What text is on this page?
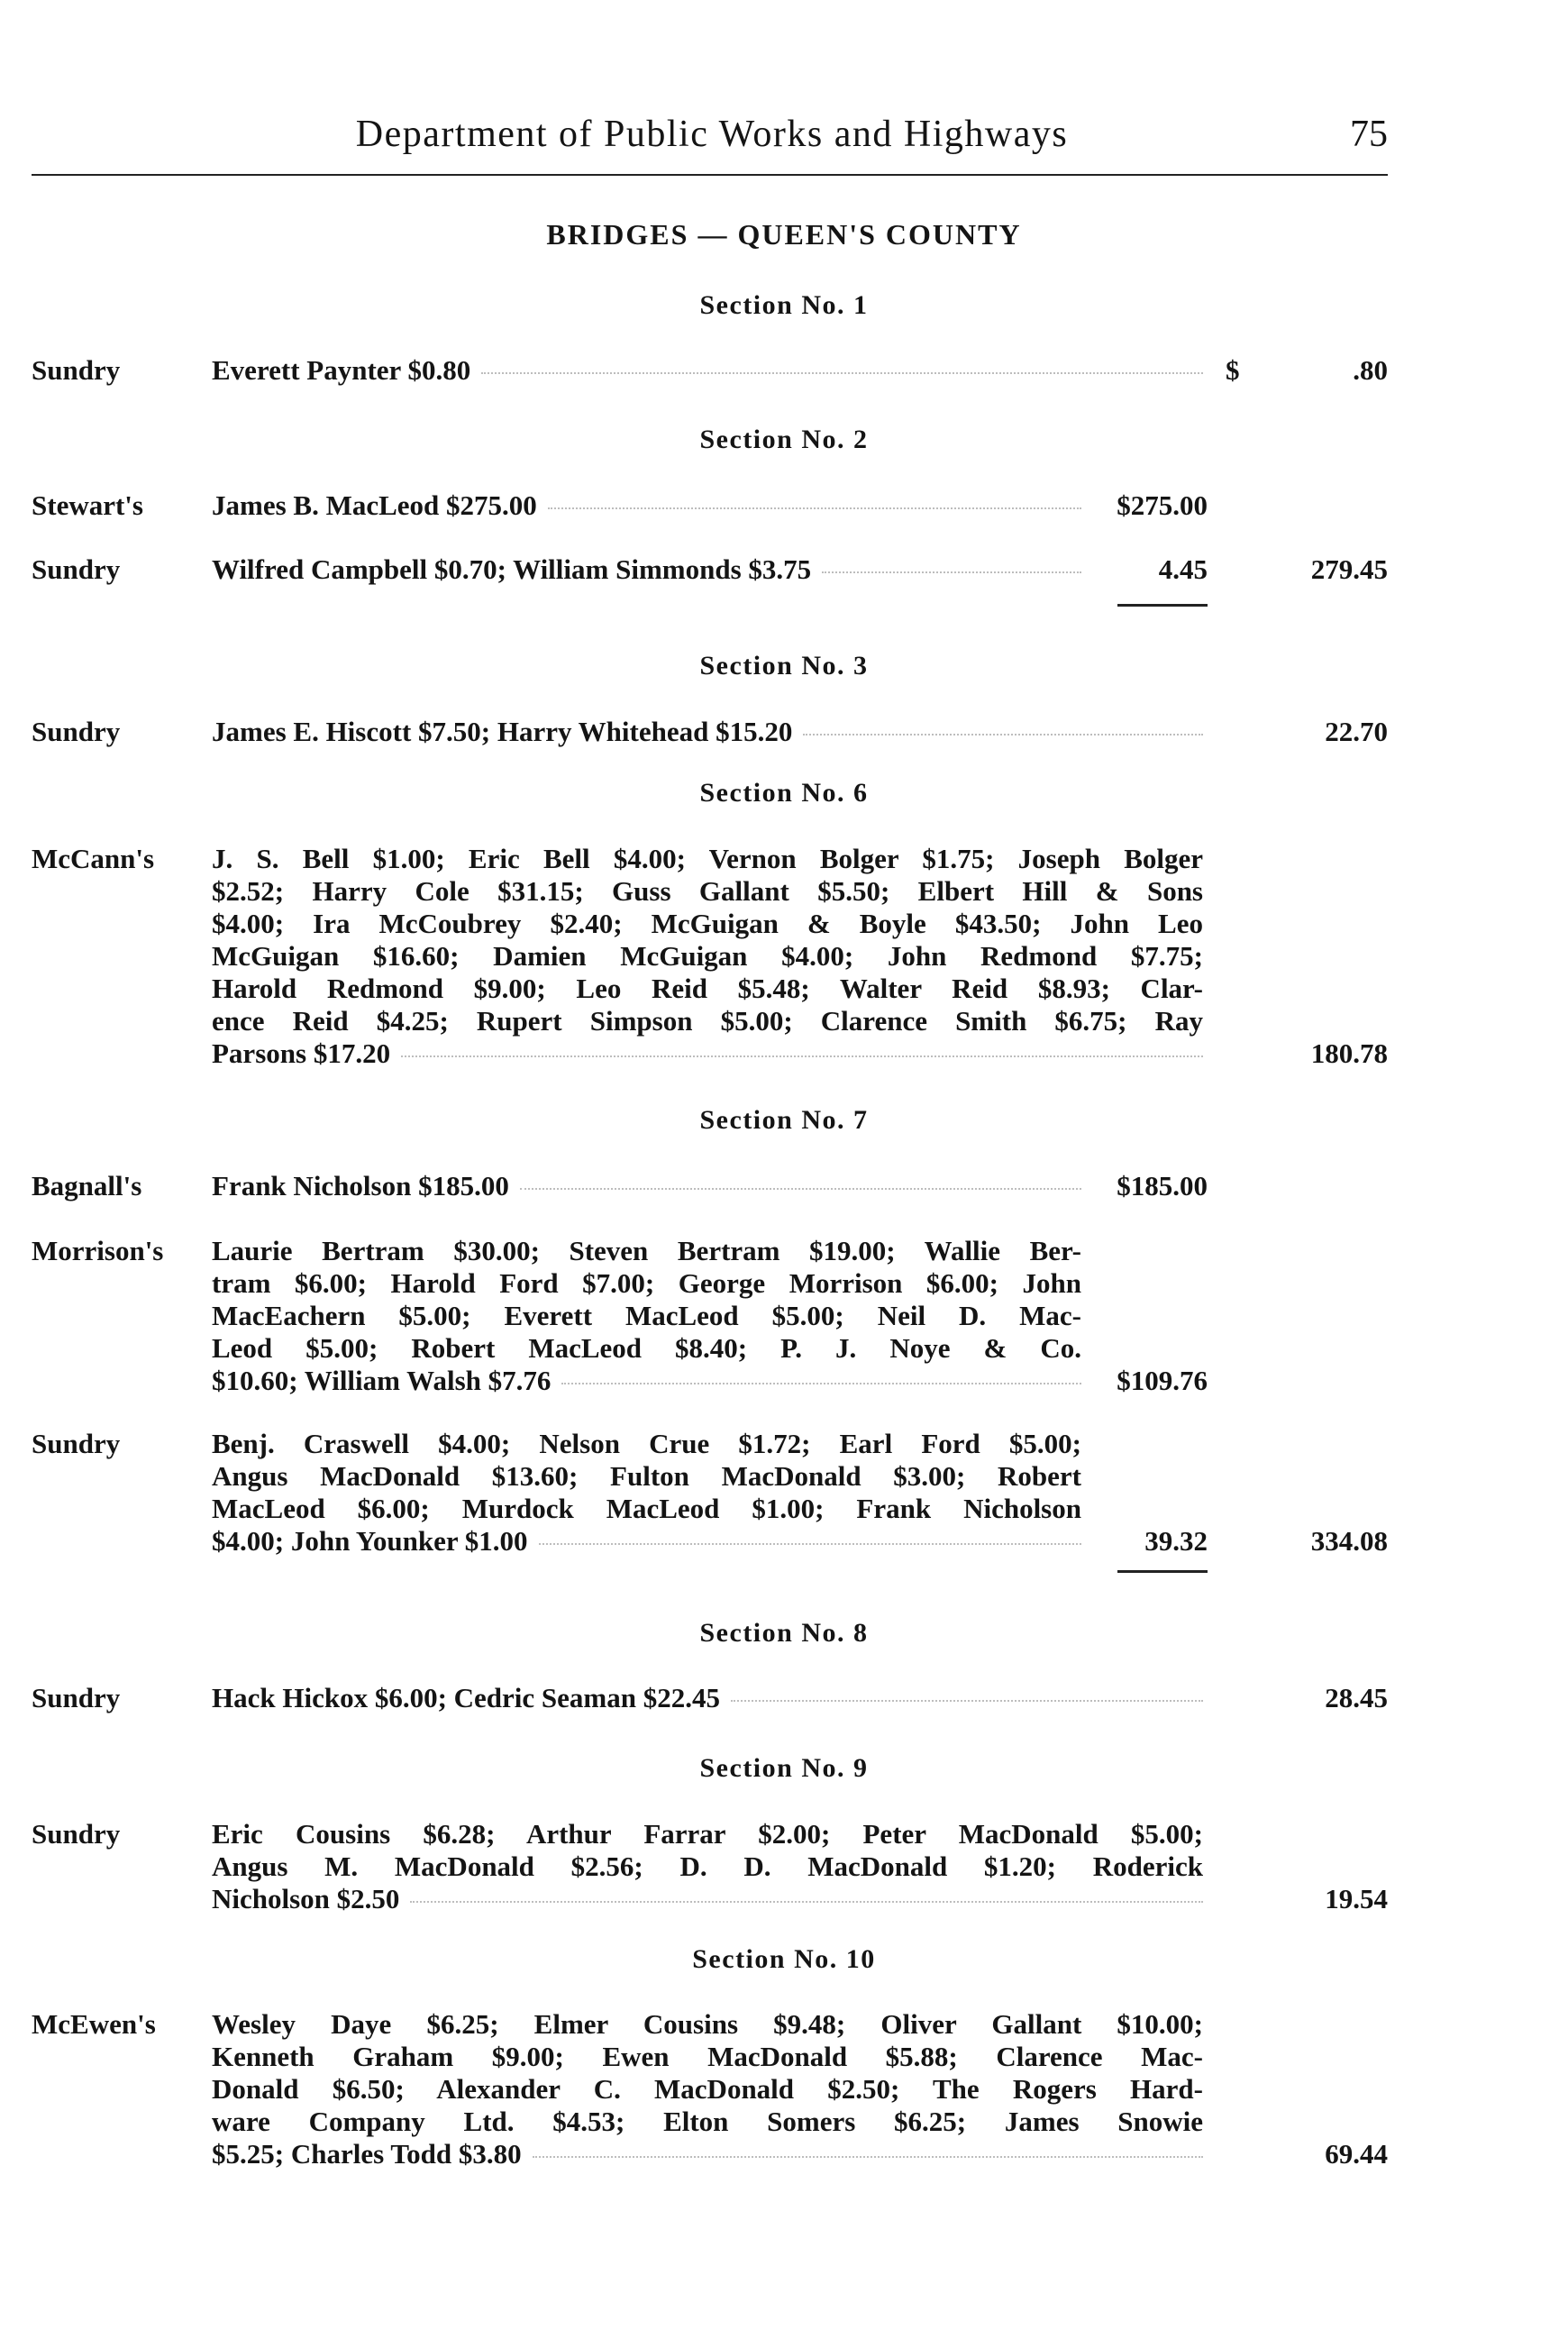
Department of Public Works and Highways	75
BRIDGES — QUEEN'S COUNTY
Section No. 1
Sundry	Everett Paynter $0.80	$	.80
Section No. 2
Stewart's	James B. MacLeod $275.00	$275.00
Sundry	Wilfred Campbell $0.70; William Simmonds $3.75	4.45	279.45
Section No. 3
Sundry	James E. Hiscott $7.50; Harry Whitehead $15.20	22.70
Section No. 6
McCann's	J. S. Bell $1.00; Eric Bell $4.00; Vernon Bolger $1.75; Joseph Bolger
$2.52; Harry Cole $31.15; Guss Gallant $5.50; Elbert Hill & Sons
$4.00; Ira McCoubrey $2.40; McGuigan & Boyle $43.50; John Leo
McGuigan $16.60; Damien McGuigan $4.00; John Redmond $7.75;
Harold Redmond $9.00; Leo Reid $5.48; Walter Reid $8.93; Clar-
ence Reid $4.25; Rupert Simpson $5.00; Clarence Smith $6.75; Ray
Parsons $17.20	180.78
Section No. 7
Bagnall's	Frank Nicholson $185.00	$185.00
Morrison's	Laurie Bertram $30.00; Steven Bertram $19.00; Wallie Ber-
tram $6.00; Harold Ford $7.00; George Morrison $6.00; John
MacEachern $5.00; Everett MacLeod $5.00; Neil D. Mac-
Leod $5.00; Robert MacLeod $8.40; P. J. Noye & Co.
$10.60; William Walsh $7.76	$109.76
Sundry	Benj. Craswell $4.00; Nelson Crue $1.72; Earl Ford $5.00;
Angus MacDonald $13.60; Fulton MacDonald $3.00; Robert
MacLeod $6.00; Murdock MacLeod $1.00; Frank Nicholson
$4.00; John Younker $1.00	39.32	334.08
Section No. 8
Sundry	Hack Hickox $6.00; Cedric Seaman $22.45	28.45
Section No. 9
Sundry	Eric Cousins $6.28; Arthur Farrar $2.00; Peter MacDonald $5.00;
Angus M. MacDonald $2.56; D. D. MacDonald $1.20; Roderick
Nicholson $2.50	19.54
Section No. 10
McEwen's	Wesley Daye $6.25; Elmer Cousins $9.48; Oliver Gallant $10.00;
Kenneth Graham $9.00; Ewen MacDonald $5.88; Clarence Mac-
Donald $6.50; Alexander C. MacDonald $2.50; The Rogers Hard-
ware Company Ltd. $4.53; Elton Somers $6.25; James Snowie
$5.25; Charles Todd $3.80	69.44
